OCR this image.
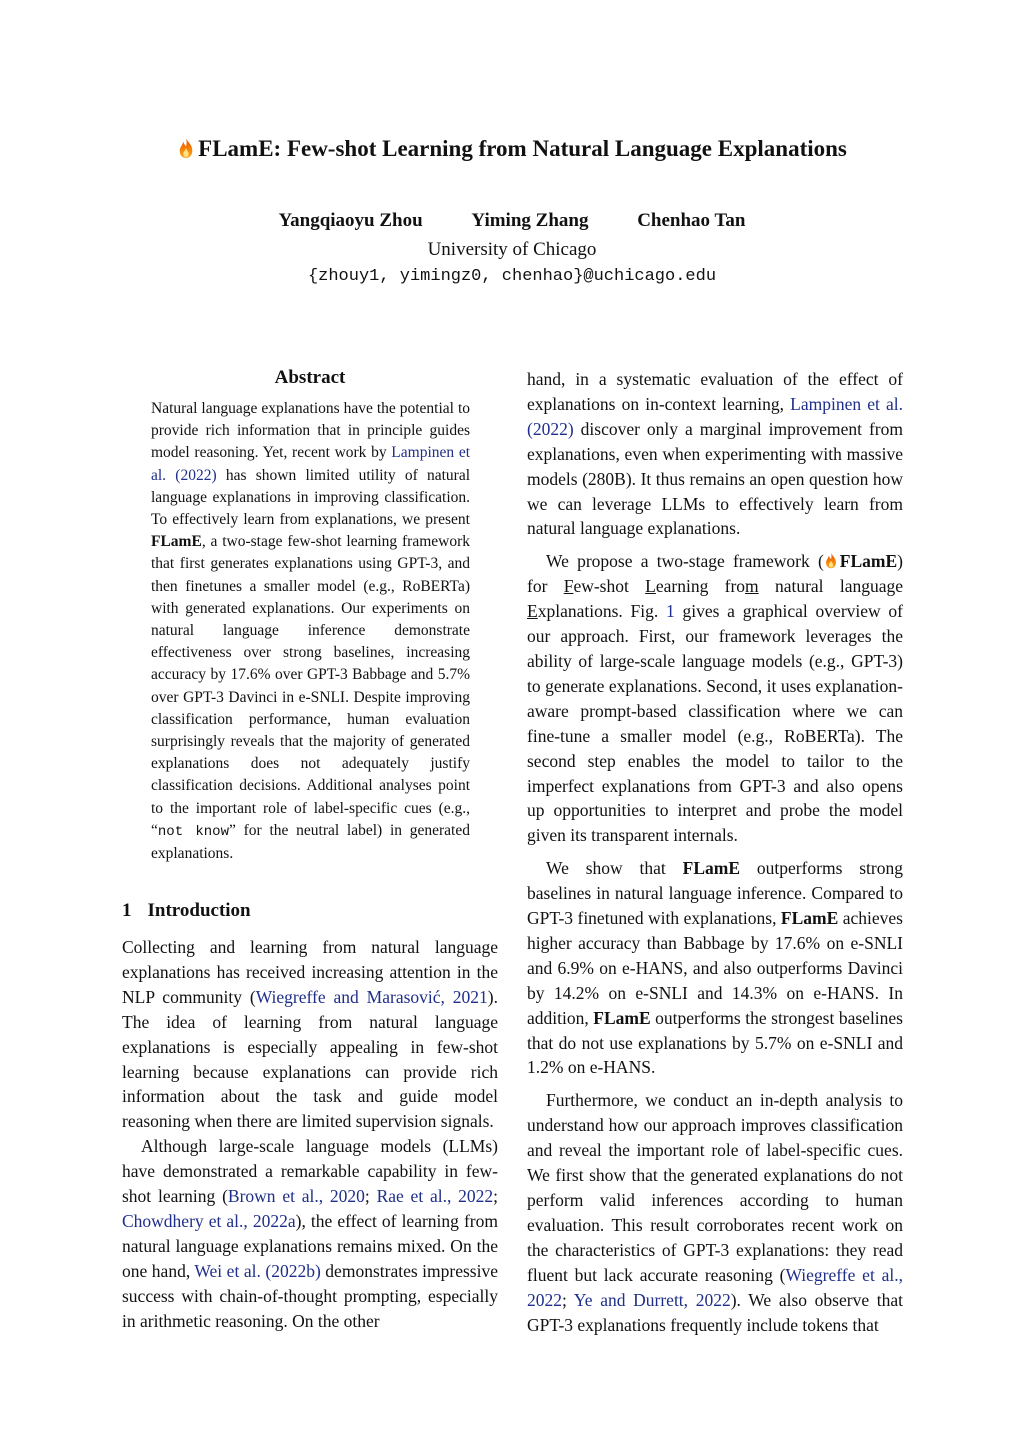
FLamE: Few-shot Learning from Natural Language Explanations
Yangqiaoyu Zhou	Yiming Zhang	Chenhao Tan
University of Chicago
{zhouy1, yimingz0, chenhao}@uchicago.edu
Abstract
Natural language explanations have the potential to provide rich information that in principle guides model reasoning. Yet, recent work by Lampinen et al. (2022) has shown limited utility of natural language explanations in improving classification. To effectively learn from explanations, we present FLamE, a two-stage few-shot learning framework that first generates explanations using GPT-3, and then finetunes a smaller model (e.g., RoBERTa) with generated explanations. Our experiments on natural language inference demonstrate effectiveness over strong baselines, increasing accuracy by 17.6% over GPT-3 Babbage and 5.7% over GPT-3 Davinci in e-SNLI. Despite improving classification performance, human evaluation surprisingly reveals that the majority of generated explanations does not adequately justify classification decisions. Additional analyses point to the important role of label-specific cues (e.g., “not know” for the neutral label) in generated explanations.
1 Introduction

Collecting and learning from natural language explanations has received increasing attention in the NLP community (Wiegreffe and Marasović, 2021). The idea of learning from natural language explanations is especially appealing in few-shot learning because explanations can provide rich information about the task and guide model reasoning when there are limited supervision signals.

Although large-scale language models (LLMs) have demonstrated a remarkable capability in few-shot learning (Brown et al., 2020; Rae et al., 2022; Chowdhery et al., 2022a), the effect of learning from natural language explanations remains mixed. On the one hand, Wei et al. (2022b) demonstrates impressive success with chain-of-thought prompting, especially in arithmetic reasoning. On the other

hand, in a systematic evaluation of the effect of explanations on in-context learning, Lampinen et al. (2022) discover only a marginal improvement from explanations, even when experimenting with massive models (280B). It thus remains an open question how we can leverage LLMs to effectively learn from natural language explanations.

We propose a two-stage framework ( FLamE) for Few-shot Learning from natural language Explanations. Fig. 1 gives a graphical overview of our approach. First, our framework leverages the ability of large-scale language models (e.g., GPT-3) to generate explanations. Second, it uses explanation-aware prompt-based classification where we can fine-tune a smaller model (e.g., RoBERTa). The second step enables the model to tailor to the imperfect explanations from GPT-3 and also opens up opportunities to interpret and probe the model given its transparent internals.

We show that FLamE outperforms strong baselines in natural language inference. Compared to GPT-3 finetuned with explanations, FLamE achieves higher accuracy than Babbage by 17.6% on e-SNLI and 6.9% on e-HANS, and also outperforms Davinci by 14.2% on e-SNLI and 14.3% on e-HANS. In addition, FLamE outperforms the strongest baselines that do not use explanations by 5.7% on e-SNLI and 1.2% on e-HANS.

Furthermore, we conduct an in-depth analysis to understand how our approach improves classification and reveal the important role of label-specific cues. We first show that the generated explanations do not perform valid inferences according to human evaluation. This result corroborates recent work on the characteristics of GPT-3 explanations: they read fluent but lack accurate reasoning (Wiegreffe et al., 2022; Ye and Durrett, 2022). We also observe that GPT-3 explanations frequently include tokens that
